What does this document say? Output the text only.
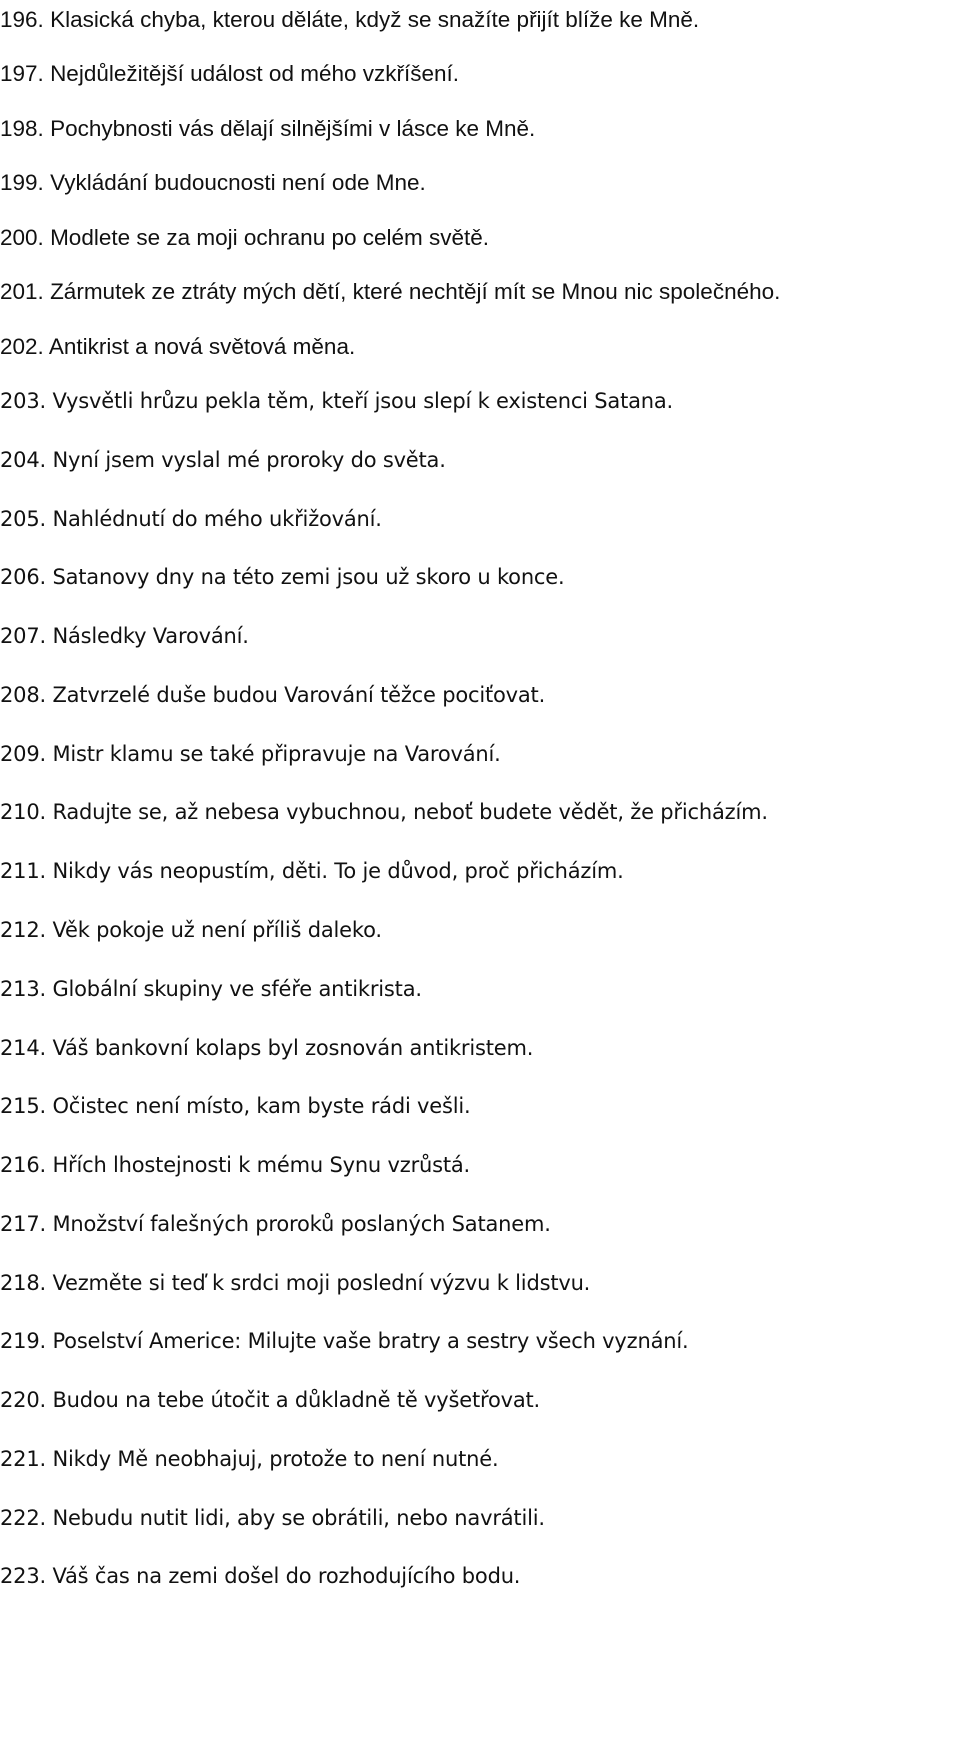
196. Klasická chyba, kterou děláte, když se snažíte přijít blíže ke Mně.
197. Nejdůležitější událost od mého vzkříšení.
198. Pochybnosti vás dělají silnějšími v lásce ke Mně.
199. Vykládání budoucnosti není ode Mne.
200. Modlete se za moji ochranu po celém světě.
201. Zármutek ze ztráty mých dětí, které nechtějí mít se Mnou nic společného.
202. Antikrist a nová světová měna.
203. Vysvětli hrůzu pekla těm, kteří jsou slepí k existenci Satana.
204. Nyní jsem vyslal mé proroky do světa.
205. Nahlédnutí do mého ukřižování.
206. Satanovy dny na této zemi jsou už skoro u konce.
207. Následky Varování.
208. Zatvrzelé duše budou Varování těžce pociťovat.
209. Mistr klamu se také připravuje na Varování.
210. Radujte se, až nebesa vybuchnou, neboť budete vědět, že přicházím.
211. Nikdy vás neopustím, děti. To je důvod, proč přicházím.
212. Věk pokoje už není příliš daleko.
213. Globální skupiny ve sféře antikrista.
214. Váš bankovní kolaps byl zosnován antikristem.
215. Očistec není místo, kam byste rádi vešli.
216. Hřích lhostejnosti k mému Synu vzrůstá.
217. Množství falešných proroků poslaných Satanem.
218. Vezměte si teď k srdci moji poslední výzvu k lidstvu.
219. Poselství Americe: Milujte vaše bratry a sestry všech vyznání.
220. Budou na tebe útočit a důkladně tě vyšetřovat.
221. Nikdy Mě neobhajuj, protože to není nutné.
222. Nebudu nutit lidi, aby se obrátili, nebo navrátili.
223. Váš čas na zemi došel do rozhodujícího bodu.
